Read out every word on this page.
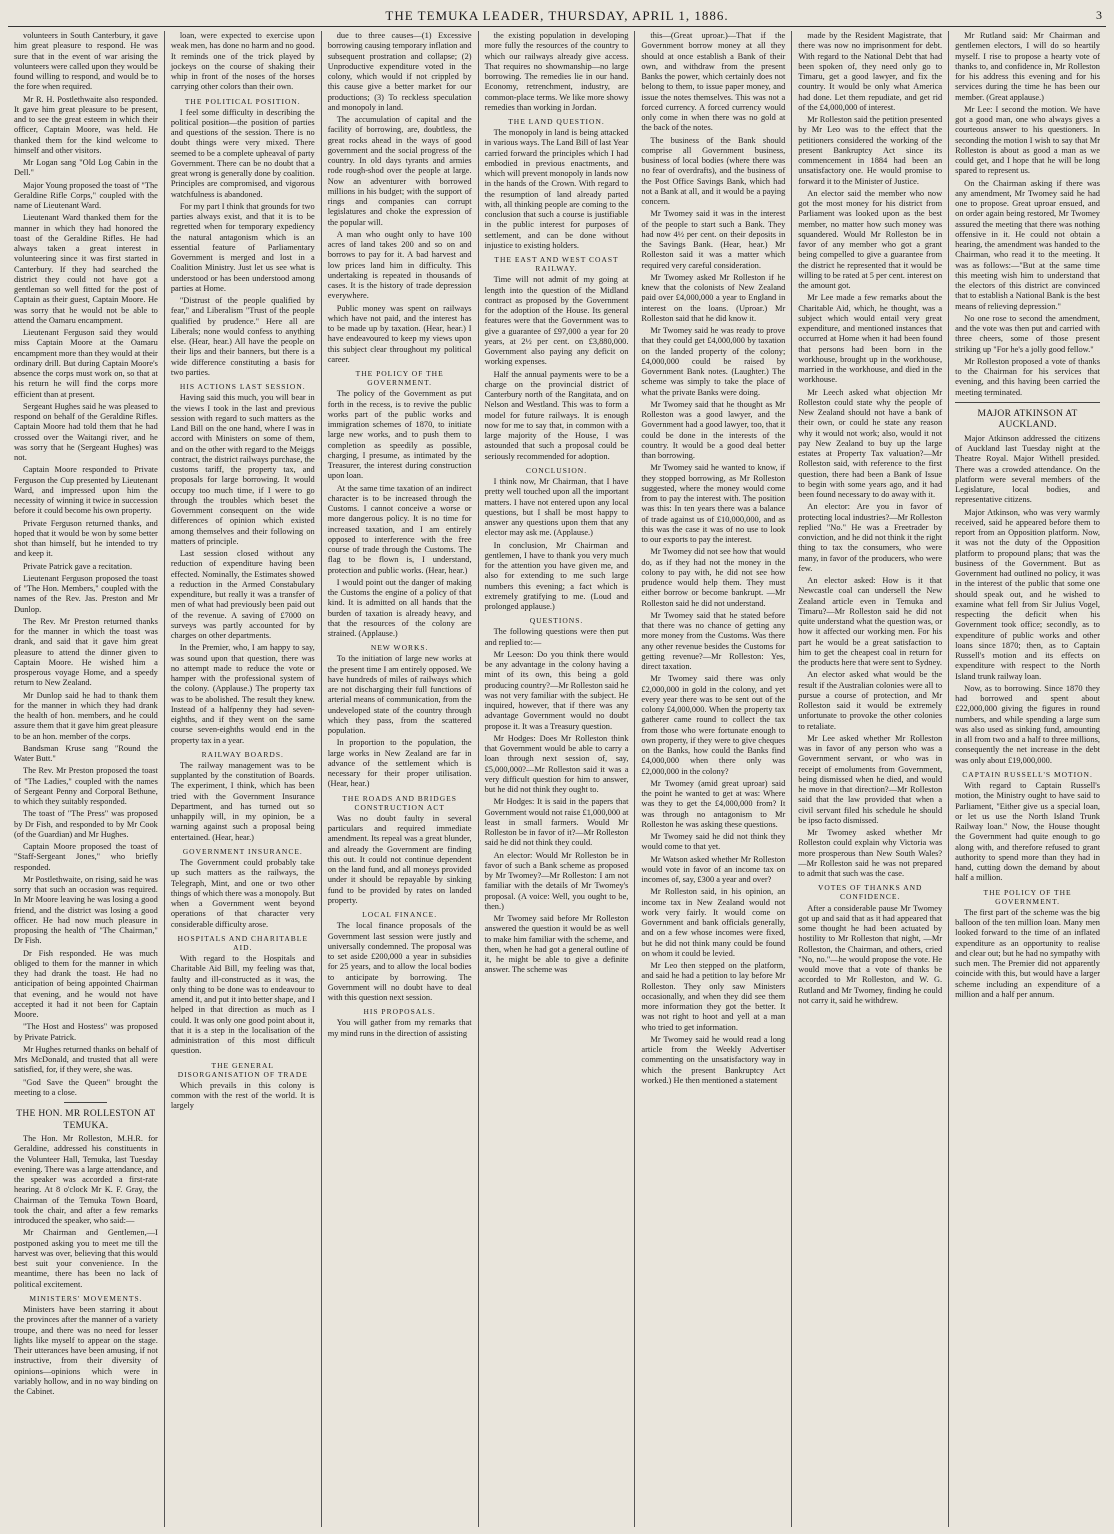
THE TEMUKA LEADER, THURSDAY, APRIL 1, 1886.	3

volunteers in South Canterbury, it gave him great pleasure to respond. He was sure that in the event of war arising the volunteers were called upon they would be found willing to respond, and would be to the fore when required.

Mr R. H. Postlethwaite also responded. It gave him great pleasure to be present, and to see the great esteem in which their officer, Captain Moore, was held. He thanked them for the kind welcome to himself and other visitors.

Mr Logan sang "Old Log Cabin in the Dell."

Major Young proposed the toast of "The Geraldine Rifle Corps," coupled with the name of Lieutenant Ward.

Lieutenant Ward thanked them for the manner in which they had honored the toast of the Geraldine Rifles. He had always taken a great interest in volunteering since it was first started in Canterbury. If they had searched the district they could not have got a gentleman so well fitted for the post of Captain as their guest, Captain Moore. He was sorry that he would not be able to attend the Oamaru encampment.

Lieutenant Ferguson said they would miss Captain Moore at the Oamaru encampment more than they would at their ordinary drill. But during Captain Moore's absence the corps must work on, so that at his return he will find the corps more efficient than at present.

Sergeant Hughes said he was pleased to respond on behalf of the Geraldine Rifles. Captain Moore had told them that he had crossed over the Waitangi river, and he was sorry that he (Sergeant Hughes) was not.

Captain Moore responded to Private Ferguson the Cup presented by Lieutenant Ward, and impressed upon him the necessity of winning it twice in succession before it could become his own property.

Private Ferguson returned thanks, and hoped that it would be won by some better shot than himself, but he intended to try and keep it.

Private Patrick gave a recitation.

Lieutenant Ferguson proposed the toast of "The Hon. Members," coupled with the names of the Rev. Jas. Preston and Mr Dunlop.

The Rev. Mr Preston returned thanks for the manner in which the toast was drank, and said that it gave him great pleasure to attend the dinner given to Captain Moore. He wished him a prosperous voyage Home, and a speedy return to New Zealand.

Mr Dunlop said he had to thank them for the manner in which they had drank the health of hon. members, and he could assure them that it gave him great pleasure to be an hon. member of the corps.

Bandsman Kruse sang "Round the Water Butt."

The Rev. Mr Preston proposed the toast of "The Ladies," coupled with the names of Sergeant Penny and Corporal Bethune, to which they suitably responded.

The toast of "The Press" was proposed by Dr Fish, and responded to by Mr Cook (of the Guardian) and Mr Hughes.

Captain Moore proposed the toast of "Staff-Sergeant Jones," who briefly responded.

Mr Postlethwaite, on rising, said he was sorry that such an occasion was required. In Mr Moore leaving he was losing a good friend, and the district was losing a good officer. He had now much pleasure in proposing the health of "The Chairman," Dr Fish.

Dr Fish responded. He was much obliged to them for the manner in which they had drank the toast. He had no anticipation of being appointed Chairman that evening, and he would not have accepted it had it not been for Captain Moore.

"The Host and Hostess" was proposed by Private Patrick.

Mr Hughes returned thanks on behalf of Mrs McDonald, and trusted that all were satisfied, for, if they were, she was.

"God Save the Queen" brought the meeting to a close.

THE HON. MR ROLLESTON AT TEMUKA.

The Hon. Mr Rolleston, M.H.R. for Geraldine, addressed his constituents in the Volunteer Hall, Temuka, last Tuesday evening. There was a large attendance, and the speaker was accorded a first-rate hearing. At 8 o'clock Mr K. F. Gray, the Chairman of the Temuka Town Board, took the chair, and after a few remarks introduced the speaker, who said:—

Mr Chairman and Gentlemen,—I postponed asking you to meet me till the harvest was over, believing that this would best suit your convenience. In the meantime, there has been no lack of political excitement.

MINISTERS' MOVEMENTS.

Ministers have been starring it about the provinces after the manner of a variety troupe, and there was no need for lesser lights like myself to appear on the stage. Their utterances have been amusing, if not instructive, from their diversity of opinions—opinions which were in variably hollow, and in no way binding on the Cabinet.

loan, were expected to exercise upon weak men, has done no harm and no good. It reminds one of the trick played by jockeys on the course of shaking their whip in front of the noses of the horses carrying other colors than their own.

THE POLITICAL POSITION.

I feel some difficulty in describing the political position—the position of parties and questions of the session. There is no doubt things were very mixed. There seemed to be a complete upheaval of party Government. There can be no doubt that a great wrong is generally done by coalition. Principles are compromised, and vigorous watchfulness is abandoned.

For my part I think that grounds for two parties always exist, and that it is to be regretted when for temporary expediency the natural antagonism which is an essential feature of Parliamentary Government is merged and lost in a Coalition Ministry. Just let us see what is understood or has been understood among parties at Home.

"Distrust of the people qualified by fear," and Liberalism "Trust of the people qualified by prudence." Here all are Liberals; none would confess to anything else. (Hear, hear.) All have the people on their lips and their banners, but there is a wide difference constituting a basis for two parties.

HIS ACTIONS LAST SESSION.

Having said this much, you will bear in the views I took in the last and previous session with regard to such matters as the Land Bill on the one hand, where I was in accord with Ministers on some of them, and on the other with regard to the Meiggs contract, the district railways purchase, the customs tariff, the property tax, and proposals for large borrowing. It would occupy too much time, if I were to go through the troubles which beset the Government consequent on the wide differences of opinion which existed among themselves and their following on matters of principle.

Last session closed without any reduction of expenditure having been effected. Nominally, the Estimates showed a reduction in the Armed Constabulary expenditure, but really it was a transfer of men of what had previously been paid out of the revenue. A saving of £7000 on surveys was partly accounted for by charges on other departments.

In the Premier, who, I am happy to say, was sound upon that question, there was no attempt made to reduce the vote or hamper with the professional system of the colony. (Applause.) The property tax was to be abolished. The result they knew. Instead of a halfpenny they had seven-eighths, and if they went on the same course seven-eighths would end in the property tax in a year.

RAILWAY BOARDS.

The railway management was to be supplanted by the constitution of Boards. The experiment, I think, which has been tried with the Government Insurance Department, and has turned out so unhappily will, in my opinion, be a warning against such a proposal being entertained. (Hear, hear.)

GOVERNMENT INSURANCE.

The Government could probably take up such matters as the railways, the Telegraph, Mint, and one or two other things of which there was a monopoly. But when a Government went beyond operations of that character very considerable difficulty arose.

HOSPITALS AND CHARITABLE AID.

With regard to the Hospitals and Charitable Aid Bill, my feeling was that, faulty and ill-constructed as it was, the only thing to be done was to endeavour to amend it, and put it into better shape, and I helped in that direction as much as I could. It was only one good point about it, that it is a step in the localisation of the administration of this most difficult question.

THE GENERAL DISORGANISATION OF TRADE

Which prevails in this colony is common with the rest of the world. It is largely

due to three causes—(1) Excessive borrowing causing temporary inflation and subsequent prostration and collapse; (2) Unproductive expenditure voted in the colony, which would if not crippled by this cause give a better market for our productions; (3) To reckless speculation and monopoly in land.

The accumulation of capital and the facility of borrowing, are, doubtless, the great rocks ahead in the ways of good government and the social progress of the country. In old days tyrants and armies rode rough-shod over the people at large. Now an adventurer with borrowed millions in his budget; with the support of rings and companies can corrupt legislatures and choke the expression of the popular will.

A man who ought only to have 100 acres of land takes 200 and so on and borrows to pay for it. A bad harvest and low prices land him in difficulty. This undertaking is repeated in thousands of cases. It is the history of trade depression everywhere.

Public money was spent on railways which have not paid, and the interest has to be made up by taxation. (Hear, hear.) I have endeavoured to keep my views upon this subject clear throughout my political career.

THE POLICY OF THE GOVERNMENT.

The policy of the Government as put forth in the recess, is to revive the public works part of the public works and immigration schemes of 1870, to initiate large new works, and to push them to completion as speedily as possible, charging, I presume, as intimated by the Treasurer, the interest during construction upon loan.

At the same time taxation of an indirect character is to be increased through the Customs. I cannot conceive a worse or more dangerous policy. It is no time for increased taxation, and I am entirely opposed to interference with the free course of trade through the Customs. The flag to be flown is, I understand, protection and public works. (Hear, hear.)

I would point out the danger of making the Customs the engine of a policy of that kind. It is admitted on all hands that the burden of taxation is already heavy, and that the resources of the colony are strained. (Applause.)

NEW WORKS.

To the initiation of large new works at the present time I am entirely opposed. We have hundreds of miles of railways which are not discharging their full functions of arterial means of communication, from the undeveloped state of the country through which they pass, from the scattered population.

In proportion to the population, the large works in New Zealand are far in advance of the settlement which is necessary for their proper utilisation. (Hear, hear.)

THE ROADS AND BRIDGES CONSTRUCTION ACT

Was no doubt faulty in several particulars and required immediate amendment. Its repeal was a great blunder, and already the Government are finding this out. It could not continue dependent on the land fund, and all moneys provided under it should be repayable by sinking fund to be provided by rates on landed property.

LOCAL FINANCE.

The local finance proposals of the Government last session were justly and universally condemned. The proposal was to set aside £200,000 a year in subsidies for 25 years, and to allow the local bodies to anticipate by borrowing. The Government will no doubt have to deal with this question next session.

HIS PROPOSALS.

You will gather from my remarks that my mind runs in the direction of assisting

the existing population in developing more fully the resources of the country to which our railways already give access. That requires no showmanship—no large borrowing. The remedies lie in our hand. Economy, retrenchment, industry, are common-place terms. We like more showy remedies than working in Jordan.

THE LAND QUESTION.

The monopoly in land is being attacked in various ways. The Land Bill of last Year carried forward the principles which I had embodied in previous enactments, and which will prevent monopoly in lands now in the hands of the Crown. With regard to the resumption of land already parted with, all thinking people are coming to the conclusion that such a course is justifiable in the public interest for purposes of settlement, and can be done without injustice to existing holders.

THE EAST AND WEST COAST RAILWAY.

Time will not admit of my going at length into the question of the Midland contract as proposed by the Government for the adoption of the House. Its general features were that the Government was to give a guarantee of £97,000 a year for 20 years, at 2½ per cent. on £3,880,000. Government also paying any deficit on working expenses.

Half the annual payments were to be a charge on the provincial district of Canterbury north of the Rangitata, and on Nelson and Westland. This was to form a model for future railways. It is enough now for me to say that, in common with a large majority of the House, I was astounded that such a proposal could be seriously recommended for adoption.

CONCLUSION.

I think now, Mr Chairman, that I have pretty well touched upon all the important matters. I have not entered upon any local questions, but I shall be most happy to answer any questions upon them that any elector may ask me. (Applause.)

In conclusion, Mr Chairman and gentlemen, I have to thank you very much for the attention you have given me, and also for extending to me such large numbers this evening; a fact which is extremely gratifying to me. (Loud and prolonged applause.)

QUESTIONS.

The following questions were then put and replied to:—

Mr Leeson: Do you think there would be any advantage in the colony having a mint of its own, this being a gold producing country?—Mr Rolleston said he was not very familiar with the subject. He inquired, however, that if there was any advantage Government would no doubt propose it. It was a Treasury question.

Mr Hodges: Does Mr Rolleston think that Government would be able to carry a loan through next session of, say, £5,000,000?—Mr Rolleston said it was a very difficult question for him to answer, but he did not think they ought to.

Mr Hodges: It is said in the papers that Government would not raise £1,000,000 at least in small farmers. Would Mr Rolleston be in favor of it?—Mr Rolleston said he did not think they could.

An elector: Would Mr Rolleston be in favor of such a Bank scheme as proposed by Mr Twomey?—Mr Rolleston: I am not familiar with the details of Mr Twomey's proposal. (A voice: Well, you ought to be, then.)

Mr Twomey said before Mr Rolleston answered the question it would be as well to make him familiar with the scheme, and then, when he had got a general outline of it, he might be able to give a definite answer. The scheme was

this—(Great uproar.)—That if the Government borrow money at all they should at once establish a Bank of their own, and withdraw from the present Banks the power, which certainly does not belong to them, to issue paper money, and issue the notes themselves. This was not a forced currency. A forced currency would only come in when there was no gold at the back of the notes.

The business of the Bank should comprise all Government business, business of local bodies (where there was no fear of overdrafts), and the business of the Post Office Savings Bank, which had not a Bank at all, and it would be a paying concern.

Mr Twomey said it was in the interest of the people to start such a Bank. They had now 4½ per cent. on their deposits in the Savings Bank. (Hear, hear.) Mr Rolleston said it was a matter which required very careful consideration.

Mr Twomey asked Mr Rolleston if he knew that the colonists of New Zealand paid over £4,000,000 a year to England in interest on the loans. (Uproar.) Mr Rolleston said that he did know it.

Mr Twomey said he was ready to prove that they could get £4,000,000 by taxation on the landed property of the colony; £4,000,000 could be raised by Government Bank notes. (Laughter.) The scheme was simply to take the place of what the private Banks were doing.

Mr Twomey said that he thought as Mr Rolleston was a good lawyer, and the Government had a good lawyer, too, that it could be done in the interests of the country. It would be a good deal better than borrowing.

Mr Twomey said he wanted to know, if they stopped borrowing, as Mr Rolleston suggested, where the money would come from to pay the interest with. The position was this: In ten years there was a balance of trade against us of £10,000,000, and as this was the case it was of no use to look to our exports to pay the interest.

Mr Twomey did not see how that would do, as if they had not the money in the colony to pay with, he did not see how prudence would help them. They must either borrow or become bankrupt. —Mr Rolleston said he did not understand.

Mr Twomey said that he stated before that there was no chance of getting any more money from the Customs. Was there any other revenue besides the Customs for getting revenue?—Mr Rolleston: Yes, direct taxation.

Mr Twomey said there was only £2,000,000 in gold in the colony, and yet every year there was to be sent out of the colony £4,000,000. When the property tax gatherer came round to collect the tax from those who were fortunate enough to own property, if they were to give cheques on the Banks, how could the Banks find £4,000,000 when there only was £2,000,000 in the colony?

Mr Twomey (amid great uproar) said the point he wanted to get at was: Where was they to get the £4,000,000 from? It was through no antagonism to Mr Rolleston he was asking these questions.

Mr Twomey said he did not think they would come to that yet.

Mr Watson asked whether Mr Rolleston would vote in favor of an income tax on incomes of, say, £300 a year and over?

Mr Rolleston said, in his opinion, an income tax in New Zealand would not work very fairly. It would come on Government and bank officials generally, and on a few whose incomes were fixed, but he did not think many could be found on whom it could be levied.

Mr Leo then stepped on the platform, and said he had a petition to lay before Mr Rolleston. They only saw Ministers occasionally, and when they did see them more information they got the better. It was not right to hoot and yell at a man who tried to get information.

Mr Twomey said he would read a long article from the Weekly Advertiser commenting on the unsatisfactory way in which the present Bankruptcy Act worked.) He then mentioned a statement

made by the Resident Magistrate, that there was now no imprisonment for debt. With regard to the National Debt that had been spoken of, they need only go to Timaru, get a good lawyer, and fix the country. It would be only what America had done. Let them repudiate, and get rid of the £4,000,000 of interest.

Mr Rolleston said the petition presented by Mr Leo was to the effect that the petitioners considered the working of the present Bankruptcy Act since its commencement in 1884 had been an unsatisfactory one. He would promise to forward it to the Minister of Justice.

An elector said the member who now got the most money for his district from Parliament was looked upon as the best member, no matter how such money was squandered. Would Mr Rolleston be in favor of any member who got a grant being compelled to give a guarantee from the district he represented that it would be willing to be rated at 5 per cent. interest on the amount got.

Mr Lee made a few remarks about the Charitable Aid, which, he thought, was a subject which would entail very great expenditure, and mentioned instances that occurred at Home when it had been found that persons had been born in the workhouse, brought up in the workhouse, married in the workhouse, and died in the workhouse.

Mr Leech asked what objection Mr Rolleston could state why the people of New Zealand should not have a bank of their own, or could he state any reason why it would not work; also, would it not pay New Zealand to buy up the large estates at Property Tax valuation?—Mr Rolleston said, with reference to the first question, there had been a Bank of Issue to begin with some years ago, and it had been found necessary to do away with it.

An elector: Are you in favor of protecting local industries?—Mr Rolleston replied "No." He was a Freetrader by conviction, and he did not think it the right thing to tax the consumers, who were many, in favor of the producers, who were few.

An elector asked: How is it that Newcastle coal can undersell the New Zealand article even in Temuka and Timaru?—Mr Rolleston said he did not quite understand what the question was, or how it affected our working men. For his part he would be a great satisfaction to him to get the cheapest coal in return for the products here that were sent to Sydney.

An elector asked what would be the result if the Australian colonies were all to pursue a course of protection, and Mr Rolleston said it would be extremely unfortunate to provoke the other colonies to retaliate.

Mr Lee asked whether Mr Rolleston was in favor of any person who was a Government servant, or who was in receipt of emoluments from Government, being dismissed when he died, and would he move in that direction?—Mr Rolleston said that the law provided that when a civil servant filed his schedule he should be ipso facto dismissed.

Mr Twomey asked whether Mr Rolleston could explain why Victoria was more prosperous than New South Wales?—Mr Rolleston said he was not prepared to admit that such was the case.

VOTES OF THANKS AND CONFIDENCE.

After a considerable pause Mr Twomey got up and said that as it had appeared that some thought he had been actuated by hostility to Mr Rolleston that night, —Mr Rolleston, the Chairman, and others, cried "No, no."—he would propose the vote. He would move that a vote of thanks be accorded to Mr Rolleston, and W. G. Rutland and Mr Twomey, finding he could not carry it, said he withdrew.

Mr Rutland said: Mr Chairman and gentlemen electors, I will do so heartily myself. I rise to propose a hearty vote of thanks to, and confidence in, Mr Rolleston for his address this evening and for his services during the time he has been our member. (Great applause.)

Mr Lee: I second the motion. We have got a good man, one who always gives a courteous answer to his questioners. In seconding the motion I wish to say that Mr Rolleston is about as good a man as we could get, and I hope that he will be long spared to represent us.

On the Chairman asking if there was any amendment, Mr Twomey said he had one to propose. Great uproar ensued, and on order again being restored, Mr Twomey assured the meeting that there was nothing offensive in it. He could not obtain a hearing, the amendment was handed to the Chairman, who read it to the meeting. It was as follows:—"But at the same time this meeting wish him to understand that the electors of this district are convinced that to establish a National Bank is the best means of relieving depression."

No one rose to second the amendment, and the vote was then put and carried with three cheers, some of those present striking up "For he's a jolly good fellow."

Mr Rolleston proposed a vote of thanks to the Chairman for his services that evening, and this having been carried the meeting terminated.

MAJOR ATKINSON AT AUCKLAND.

Major Atkinson addressed the citizens of Auckland last Tuesday night at the Theatre Royal. Major Withell presided. There was a crowded attendance. On the platform were several members of the Legislature, local bodies, and representative citizens.

Major Atkinson, who was very warmly received, said he appeared before them to report from an Opposition platform. Now, it was not the duty of the Opposition platform to propound plans; that was the business of the Government. But as Government had outlined no policy, it was in the interest of the public that some one should speak out, and he wished to examine what fell from Sir Julius Vogel, respecting the deficit when his Government took office; secondly, as to expenditure of public works and other loans since 1870; then, as to Captain Russell's motion and its effects on expenditure with respect to the North Island trunk railway loan.

Now, as to borrowing. Since 1870 they had borrowed and spent about £22,000,000 giving the figures in round numbers, and while spending a large sum was also used as sinking fund, amounting in all from two and a half to three millions, consequently the net increase in the debt was only about £19,000,000.

CAPTAIN RUSSELL'S MOTION.

With regard to Captain Russell's motion, the Ministry ought to have said to Parliament, "Either give us a special loan, or let us use the North Island Trunk Railway loan." Now, the House thought the Government had quite enough to go along with, and therefore refused to grant authority to spend more than they had in hand, cutting down the demand by about half a million.

THE POLICY OF THE GOVERNMENT.

The first part of the scheme was the big balloon of the ten million loan. Many men looked forward to the time of an inflated expenditure as an opportunity to realise and clear out; but he had no sympathy with such men. The Premier did not apparently coincide with this, but would have a larger scheme including an expenditure of a million and a half per annum.
